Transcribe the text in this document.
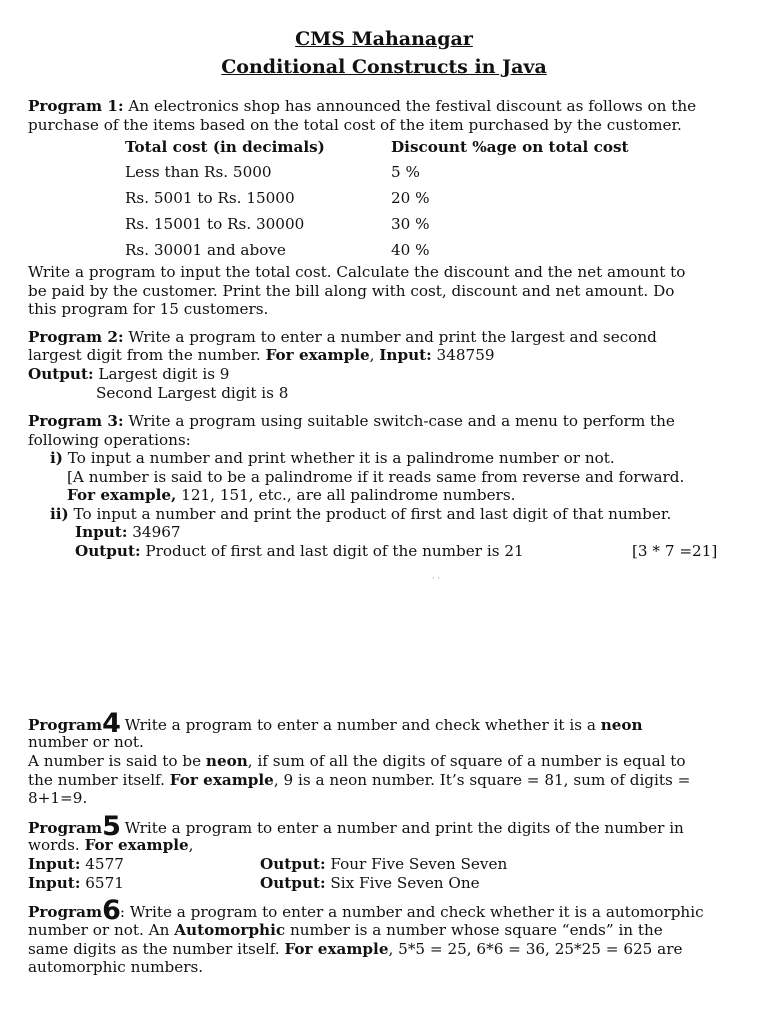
CMS Mahanagar
Conditional Constructs in Java
Program 1: An electronics shop has announced the festival discount as follows on the
purchase of the items based on the total cost of the item purchased by the customer.
Total cost (in decimals)	Discount %age on total cost
Less than Rs. 5000	5 %
Rs. 5001 to Rs. 15000	20 %
Rs. 15001 to Rs. 30000	30 %
Rs. 30001 and above	40 %
Write a program to input the total cost. Calculate the discount and the net amount to
be paid by the customer. Print the bill along with cost, discount and net amount. Do
this program for 15 customers.
Program 2: Write a program to enter a number and print the largest and second
largest digit from the number. For example, Input: 348759
Output: Largest digit is 9
Second Largest digit is 8
Program 3: Write a program using suitable switch-case and a menu to perform the
following operations:
i) To input a number and print whether it is a palindrome number or not.
[A number is said to be a palindrome if it reads same from reverse and forward.
For example, 121, 151, etc., are all palindrome numbers.
ii) To input a number and print the product of first and last digit of that number.
Input: 34967
Output: Product of first and last digit of the number is 21	[3 * 7 =21]
· ·
Program4 Write a program to enter a number and check whether it is a neon
number or not.
A number is said to be neon, if sum of all the digits of square of a number is equal to
the number itself. For example, 9 is a neon number. It’s square = 81, sum of digits =
8+1=9.
Program5 Write a program to enter a number and print the digits of the number in
words. For example,
Input: 4577	Output: Four Five Seven Seven
Input: 6571	Output: Six Five Seven One
Program6: Write a program to enter a number and check whether it is a automorphic
number or not. An Automorphic number is a number whose square “ends” in the
same digits as the number itself. For example, 5*5 = 25, 6*6 = 36, 25*25 = 625 are
automorphic numbers.
